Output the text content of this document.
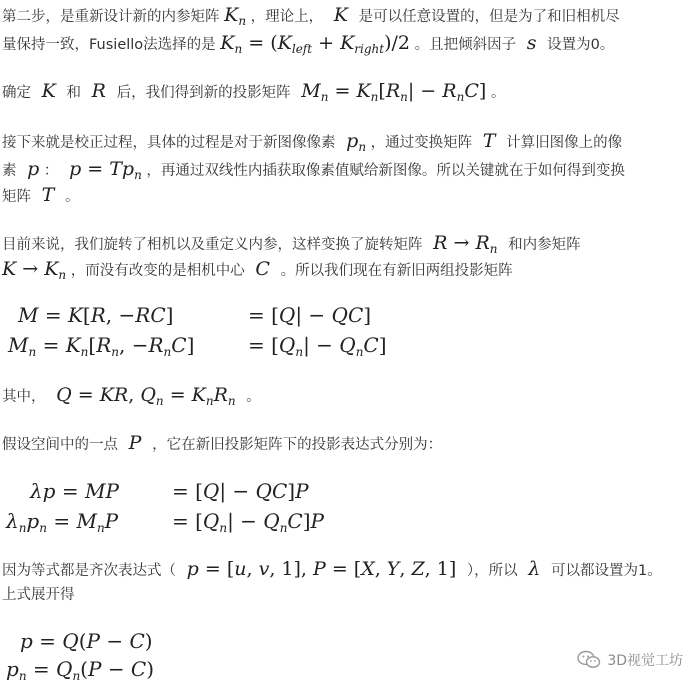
第二步，是重新设计新的内参矩阵 $K_n$ ，理论上，  K  是可以任意设置的，但是为了和旧相机尽
量保持一致，Fusiello法选择的是 $K_n = (K_{left} + K_{right})/2$ 。且把倾斜因子  s  设置为0。
确定  K  和  R  后，我们得到新的投影矩阵  $M_n = K_n[R_n| - R_nC]$ 。
接下来就是校正过程，具体的过程是对于新图像像素  $p_n$ ，通过变换矩阵  T  计算旧图像上的像
素  p ：  $p = Tp_n$ ，再通过双线性内插获取像素值赋给新图像。所以关键就在于如何得到变换
矩阵  T  。
目前来说，我们旋转了相机以及重定义内参，这样变换了旋转矩阵  $R \to R_n$ 和内参矩阵
$K \to K_n$ ，而没有改变的是相机中心  C  。所以我们现在有新旧两组投影矩阵
M = K[R, −RC]	= [Q| − QC]
$M_n = K_n[R_n$, $-R_nC$]	= $[Q_n| - Q_nC]$
其中，  Q = KR, $Q_n = K_nR_n$ 。
假设空间中的一点  P  ，它在新旧投影矩阵下的投影表达式分别为：
λp = MP	= [Q| − QC]P
$\lambda_np_n = M_nP$	= $[Q_n| - Q_nC]P$
因为等式都是齐次表达式（  p = [u, v, 1], P = [X, Y, Z, 1] ），所以  λ  可以都设置为1。
上式展开得
p = Q(P − C)
$p_n = Q_n(P - C)$	3D视觉工坊
